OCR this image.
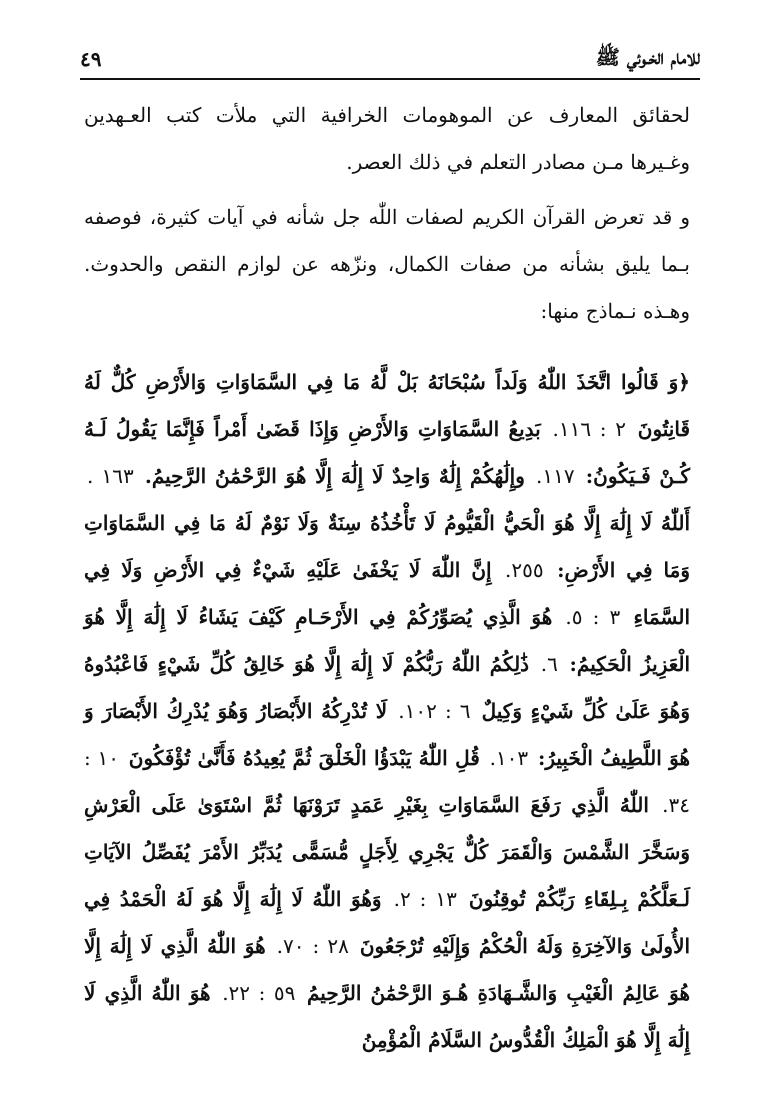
٤٩	للامام الخـوئي ﷺ

لحقائق المعارف عن الموهومات الخرافية التي ملأت كتب العـهدين وغـيرها مـن مصادر التعلم في ذلك العصر.

و قد تعرض القرآن الكريم لصفات اللّٰه جل شأنه في آيات كثيرة، فوصفه بـما يليق بشأنه من صفات الكمال، ونزّهه عن لوازم النقص والحدوث. وهـذه نـماذج منها:

﴿وَ قَالُوا اتَّخَذَ اللّٰهُ وَلَداً سُبْحَانَهُ بَلْ لَّهُ مَا فِي السَّمَاوَاتِ وَالأَرْضِ كُلٌّ لَهُ قَانِتُونَ ٢ : ١١٦. بَدِيعُ السَّمَاوَاتِ وَالأَرْضِ وَإِذَا قَضَىٰ أَمْراً فَإِنَّمَا يَقُولُ لَـهُ كُـنْ فَـيَكُونُ: ١١٧. وإِلَٰهُكُمْ إِلَٰهٌ وَاحِدٌ لَا إِلَٰهَ إِلَّا هُوَ الرَّحْمَٰنُ الرَّحِيمُ. ١٦٣ . أَللّٰهُ لَا إِلَٰهَ إِلَّا هُوَ الْحَيُّ الْقَيُّومُ لَا تَأْخُذُهُ سِنَةٌ وَلَا نَوْمٌ لَهُ مَا فِي السَّمَاوَاتِ وَمَا فِي الأَرْضِ: ٢٥٥. إِنَّ اللّٰهَ لَا يَخْفَىٰ عَلَيْهِ شَيْءٌ فِي الأَرْضِ وَلَا فِي السَّمَاءِ ٣ : ٥. هُوَ الَّذِي يُصَوِّرُكُمْ فِي الأَرْحَـامِ كَيْفَ يَشَاءُ لَا إِلَٰهَ إِلَّا هُوَ الْعَزِيزُ الْحَكِيمُ: ٦. ذَٰلِكُمُ اللّٰهُ رَبُّكُمْ لَا إِلَٰهَ إِلَّا هُوَ خَالِقُ كُلِّ شَيْءٍ فَاعْبُدُوهُ وَهُوَ عَلَىٰ كُلِّ شَيْءٍ وَكِيلٌ ٦ : ١٠٢. لَا تُدْرِكُهُ الأَبْصَارُ وَهُوَ يُدْرِكُ الأَبْصَارَ وَ هُوَ اللَّطِيفُ الْخَبِيرُ: ١٠٣. قُلِ اللّٰهُ يَبْدَؤُا الْخَلْقَ ثُمَّ يُعِيدُهُ فَأَنَّىٰ تُؤْفَكُونَ ١٠ : ٣٤. اللّٰهُ الَّذِي رَفَعَ السَّمَاوَاتِ بِغَيْرِ عَمَدٍ تَرَوْنَهَا ثُمَّ اسْتَوَىٰ عَلَى الْعَرْشِ وَسَخَّرَ الشَّمْسَ وَالْقَمَرَ كُلٌّ يَجْرِي لِأَجَلٍ مُّسَمًّى يُدَبِّرُ الأَمْرَ يُفَصِّلُ الآيَاتِ لَـعَلَّكُمْ بِـلِقَاءِ رَبِّكُمْ تُوقِنُونَ ١٣ : ٢. وَهُوَ اللّٰهُ لَا إِلَٰهَ إِلَّا هُوَ لَهُ الْحَمْدُ فِي الأُولَىٰ وَالآخِرَةِ وَلَهُ الْحُكْمُ وَإِلَيْهِ تُرْجَعُونَ ٢٨ : ٧٠. هُوَ اللّٰهُ الَّذِي لَا إِلَٰهَ إِلَّا هُوَ عَالِمُ الْغَيْبِ وَالشَّـهَادَةِ هُـوَ الرَّحْمَٰنُ الرَّحِيمُ ٥٩ : ٢٢. هُوَ اللّٰهُ الَّذِي لَا إِلَٰهَ إِلَّا هُوَ الْمَلِكُ الْقُدُّوسُ السَّلَامُ الْمُؤْمِنُ
